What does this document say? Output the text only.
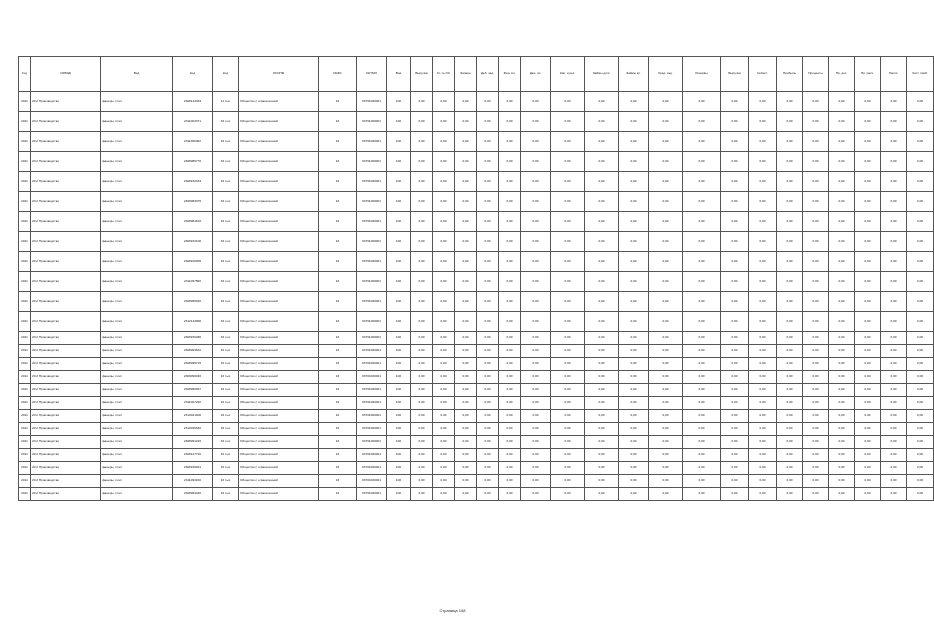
Год	ОКВЭД	Вид	Код	Код	ОКОПФ	ОКФС	ОКТМО	Вид	Выручка	Ст-ть ОС	Запасы	Деб. зад.	Фин. вл.	Ден. ср.	Кап. и рез.	Займы долг.	Займы кр.	Кред. зад.	Резервы	Выручка	Себест.	Прибыль	Проценты	Пр. дох.	Пр. расх.	Налог	Чист. приб.
2011	20.2 Производство	фанеры, плит	2308144334	11 тыс	Общество с ограниченной	16	03701000001	100	0,00	0,00	0,00	0,00	0,00	0,00	0,00	0,00	0,00	0,00	0,00	0,00	0,00	0,00	0,00	0,00	0,00	0,00	0,00
2011	20.2 Производство	фанеры, плит	2311064371	16 тыс	Общество с ограниченной	16	03701000001	100	0,00	0,00	0,00	0,00	0,00	0,00	0,00	0,00	0,00	0,00	0,00	0,00	0,00	0,00	0,00	0,00	0,00	0,00	0,00
2011	20.2 Производство	фанеры, плит	2311066362	16 тыс	Общество с ограниченной	16	03701000001	100	0,00	0,00	0,00	0,00	0,00	0,00	0,00	0,00	0,00	0,00	0,00	0,00	0,00	0,00	0,00	0,00	0,00	0,00	0,00
2011	20.2 Производство	фанеры, плит	2308086770	16 тыс	Общество с ограниченной	16	03701000001	100	0,00	0,00	0,00	0,00	0,00	0,00	0,00	0,00	0,00	0,00	0,00	0,00	0,00	0,00	0,00	0,00	0,00	0,00	0,00
2011	20.2 Производство	фанеры, плит	2308152334	16 тыс	Общество с ограниченной	16	03701000001	100	0,00	0,00	0,00	0,00	0,00	0,00	0,00	0,00	0,00	0,00	0,00	0,00	0,00	0,00	0,00	0,00	0,00	0,00	0,00
2011	20.2 Производство	фанеры, плит	2309083375	16 тыс	Общество с ограниченной	16	03701000001	100	0,00	0,00	0,00	0,00	0,00	0,00	0,00	0,00	0,00	0,00	0,00	0,00	0,00	0,00	0,00	0,00	0,00	0,00	0,00
2011	20.2 Производство	фанеры, плит	2308081616	16 тыс	Общество с ограниченной	16	03701000001	100	0,00	0,00	0,00	0,00	0,00	0,00	0,00	0,00	0,00	0,00	0,00	0,00	0,00	0,00	0,00	0,00	0,00	0,00	0,00
2011	20.2 Производство	фанеры, плит	2308152100	16 тыс	Общество с ограниченной	16	03701000001	100	0,00	0,00	0,00	0,00	0,00	0,00	0,00	0,00	0,00	0,00	0,00	0,00	0,00	0,00	0,00	0,00	0,00	0,00	0,00
2011	20.2 Производство	фанеры, плит	2308160005	16 тыс	Общество с ограниченной	16	03701000001	100	0,00	0,00	0,00	0,00	0,00	0,00	0,00	0,00	0,00	0,00	0,00	0,00	0,00	0,00	0,00	0,00	0,00	0,00	0,00
2011	20.2 Производство	фанеры, плит	2311097560	16 тыс	Общество с ограниченной	16	03701000001	100	0,00	0,00	0,00	0,00	0,00	0,00	0,00	0,00	0,00	0,00	0,00	0,00	0,00	0,00	0,00	0,00	0,00	0,00	0,00
2011	20.2 Производство	фанеры, плит	2308096020	16 тыс	Общество с ограниченной	16	03701000001	100	0,00	0,00	0,00	0,00	0,00	0,00	0,00	0,00	0,00	0,00	0,00	0,00	0,00	0,00	0,00	0,00	0,00	0,00	0,00
2011	20.2 Производство	фанеры, плит	2312143090	16 тыс	Общество с ограниченной	16	03701000001	100	0,00	0,00	0,00	0,00	0,00	0,00	0,00	0,00	0,00	0,00	0,00	0,00	0,00	0,00	0,00	0,00	0,00	0,00	0,00
2011	20.2 Производство	фанеры, плит	2308156480	16 тыс	Общество с ограниченной	16	03701000001	100	0,00	0,00	0,00	0,00	0,00	0,00	0,00	0,00	0,00	0,00	0,00	0,00	0,00	0,00	0,00	0,00	0,00	0,00	0,00
2011	20.2 Производство	фанеры, плит	2308093632	16 тыс	Общество с ограниченной	16	03701000001	100	0,00	0,00	0,00	0,00	0,00	0,00	0,00	0,00	0,00	0,00	0,00	0,00	0,00	0,00	0,00	0,00	0,00	0,00	0,00
2011	20.2 Производство	фанеры, плит	2308095715	16 тыс	Общество с ограниченной	16	03701000001	100	0,00	0,00	0,00	0,00	0,00	0,00	0,00	0,00	0,00	0,00	0,00	0,00	0,00	0,00	0,00	0,00	0,00	0,00	0,00
2011	20.2 Производство	фанеры, плит	2309096040	16 тыс	Общество с ограниченной	16	03701000001	100	0,00	0,00	0,00	0,00	0,00	0,00	0,00	0,00	0,00	0,00	0,00	0,00	0,00	0,00	0,00	0,00	0,00	0,00	0,00
2011	20.2 Производство	фанеры, плит	2308096067	16 тыс	Общество с ограниченной	16	03701000001	100	0,00	0,00	0,00	0,00	0,00	0,00	0,00	0,00	0,00	0,00	0,00	0,00	0,00	0,00	0,00	0,00	0,00	0,00	0,00
2011	20.2 Производство	фанеры, плит	2311007220	16 тыс	Общество с ограниченной	16	03701000001	100	0,00	0,00	0,00	0,00	0,00	0,00	0,00	0,00	0,00	0,00	0,00	0,00	0,00	0,00	0,00	0,00	0,00	0,00	0,00
2011	20.2 Производство	фанеры, плит	2310041600	16 тыс	Общество с ограниченной	16	03701000001	100	0,00	0,00	0,00	0,00	0,00	0,00	0,00	0,00	0,00	0,00	0,00	0,00	0,00	0,00	0,00	0,00	0,00	0,00	0,00
2011	20.2 Производство	фанеры, плит	2310036640	16 тыс	Общество с ограниченной	16	03701000001	100	0,00	0,00	0,00	0,00	0,00	0,00	0,00	0,00	0,00	0,00	0,00	0,00	0,00	0,00	0,00	0,00	0,00	0,00	0,00
2011	20.2 Производство	фанеры, плит	2308091240	16 тыс	Общество с ограниченной	16	03701000001	100	0,00	0,00	0,00	0,00	0,00	0,00	0,00	0,00	0,00	0,00	0,00	0,00	0,00	0,00	0,00	0,00	0,00	0,00	0,00
2011	20.2 Производство	фанеры, плит	2308127720	16 тыс	Общество с ограниченной	16	03701000001	100	0,00	0,00	0,00	0,00	0,00	0,00	0,00	0,00	0,00	0,00	0,00	0,00	0,00	0,00	0,00	0,00	0,00	0,00	0,00
2011	20.2 Производство	фанеры, плит	2308156001	16 тыс	Общество с ограниченной	16	03701000001	100	0,00	0,00	0,00	0,00	0,00	0,00	0,00	0,00	0,00	0,00	0,00	0,00	0,00	0,00	0,00	0,00	0,00	0,00	0,00
2011	20.2 Производство	фанеры, плит	2311093160	16 тыс	Общество с ограниченной	16	03701000001	100	0,00	0,00	0,00	0,00	0,00	0,00	0,00	0,00	0,00	0,00	0,00	0,00	0,00	0,00	0,00	0,00	0,00	0,00	0,00
2011	20.2 Производство	фанеры, плит	2308094440	16 тыс	Общество с ограниченной	16	03701000001	100	0,00	0,00	0,00	0,00	0,00	0,00	0,00	0,00	0,00	0,00	0,00	0,00	0,00	0,00	0,00	0,00	0,00	0,00	0,00
Страница 108
